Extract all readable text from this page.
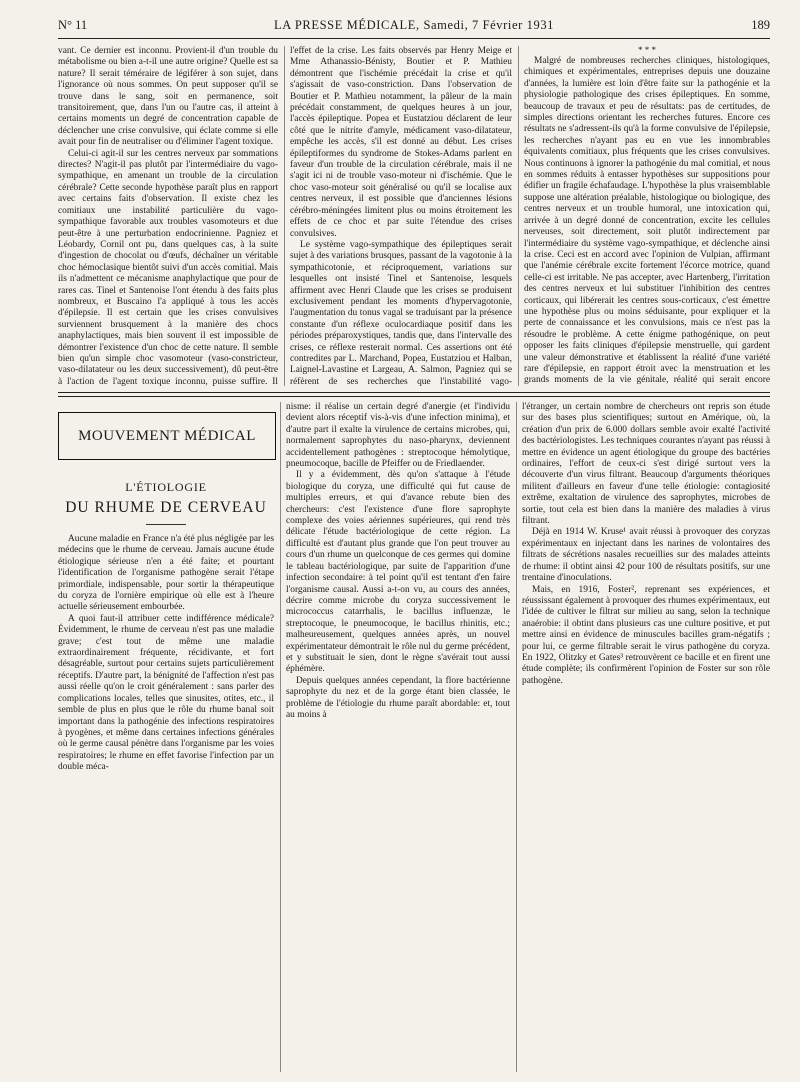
N° 11	LA PRESSE MÉDICALE, Samedi, 7 Février 1931	189

vant. Ce dernier est inconnu. Provient-il d'un trouble du métabolisme ou bien a-t-il une autre origine? Quelle est sa nature? Il serait téméraire de légiférer à son sujet, dans l'ignorance où nous sommes. On peut supposer qu'il se trouve dans le sang, soit en permanence, soit transitoirement, que, dans l'un ou l'autre cas, il atteint à certains moments un degré de concentration capable de déclencher une crise convulsive, qui éclate comme si elle avait pour fin de neutraliser ou d'éliminer l'agent toxique.

Celui-ci agit-il sur les centres nerveux par sommations directes? N'agit-il pas plutôt par l'intermédiaire du vago-sympathique, en amenant un trouble de la circulation cérébrale? Cette seconde hypothèse paraît plus en rapport avec certains faits d'observation. Il existe chez les comitiaux une instabilité particulière du vago-sympathique favorable aux troubles vasomoteurs et due peut-être à une perturbation endocrinienne. Pagniez et Léobardy, Cornil ont pu, dans quelques cas, à la suite d'ingestion de chocolat ou d'œufs, déchaîner un véritable choc hémoclasique bientôt suivi d'un accès comitial. Mais ils n'admettent ce mécanisme anaphylactique que pour de rares cas. Tinel et Santenoise l'ont étendu à des faits plus nombreux, et Buscaino l'a appliqué à tous les accès d'épilepsie. Il est certain que les crises convulsives surviennent brusquement à la manière des chocs anaphylactiques, mais bien souvent il est impossible de démontrer l'existence d'un choc de cette nature. Il semble bien qu'un simple choc vasomoteur (vaso-constricteur, vaso-dilatateur ou les deux successivement), dû peut-être à l'action de l'agent toxique inconnu, puisse suffire. Il

l'effet de la crise. Les faits observés par Henry Meige et Mme Athanassio-Bénisty, Boutier et P. Mathieu démontrent que l'ischémie précédait la crise et qu'il s'agissait de vaso-constriction. Dans l'observation de Boutier et P. Mathieu notamment, la pâleur de la main précédait constamment, de quelques heures à un jour, l'accès épileptique. Popea et Eustatziou déclarent de leur côté que le nitrite d'amyle, médicament vaso-dilatateur, empêche les accès, s'il est donné au début. Les crises épileptiformes du syndrome de Stokes-Adams parlent en faveur d'un trouble de la circulation cérébrale, mais il ne s'agit ici ni de trouble vaso-moteur ni d'ischémie. Que le choc vaso-moteur soit généralisé ou qu'il se localise aux centres nerveux, il est possible que d'anciennes lésions cérébro-méningées limitent plus ou moins étroitement les effets de ce choc et par suite l'étendue des crises convulsives.

Le système vago-sympathique des épileptiques serait sujet à des variations brusques, passant de la vagotonie à la sympathicotonie, et réciproquement, variations sur lesquelles ont insisté Tinel et Santenoise, lesquels affirment avec Henri Claude que les crises se produisent exclusivement pendant les moments d'hypervagotonie, l'augmentation du tonus vagal se traduisant par la présence constante d'un réflexe oculocardiaque positif dans les périodes préparoxystiques, tandis que, dans l'intervalle des crises, ce réflexe resterait normal. Ces assertions ont été contredites par L. Marchand, Popea, Eustatziou et Halban, Laignel-Lavastine et Largeau, A. Salmon, Pagniez qui se réfèrent de ses recherches que l'instabilité vago-

* * *

Malgré de nombreuses recherches cliniques, histologiques, chimiques et expérimentales, entreprises depuis une douzaine d'années, la lumière est loin d'être faite sur la pathogénie et la physiologie pathologique des crises épileptiques. En somme, beaucoup de travaux et peu de résultats: pas de certitudes, de simples directions orientant les recherches futures. Encore ces résultats ne s'adressent-ils qu'à la forme convulsive de l'épilepsie, les recherches n'ayant pas eu en vue les innombrables équivalents comitiaux, plus fréquents que les crises convulsives. Nous continuons à ignorer la pathogénie du mal comitial, et nous en sommes réduits à entasser hypothèses sur suppositions pour édifier un fragile échafaudage. L'hypothèse la plus vraisemblable suppose une altération préalable, histologique ou biologique, des centres nerveux et un trouble humoral, une intoxication qui, arrivée à un degré donné de concentration, excite les cellules nerveuses, soit directement, soit plutôt indirectement par l'intermédiaire du système vago-sympathique, et déclenche ainsi la crise. Ceci est en accord avec l'opinion de Vulpian, affirmant que l'anémie cérébrale excite fortement l'écorce motrice, quand celle-ci est irritable. Ne pas accepter, avec Hartenberg, l'irritation des centres nerveux et lui substituer l'inhibition des centres corticaux, qui libérerait les centres sous-corticaux, c'est émettre une hypothèse plus ou moins séduisante, pour expliquer et la perte de connaissance et les convulsions, mais ce n'est pas la résoudre le problème. A cette énigme pathogénique, on peut opposer les faits cliniques d'épilepsie menstruelle, qui gardent une valeur démonstrative et établissent la réalité d'une variété rare d'épilepsie, en rapport étroit avec la menstruation et les grands moments de la vie génitale, réalité qui serait encore

MOUVEMENT MÉDICAL
L'ÉTIOLOGIE
DU RHUME DE CERVEAU

Aucune maladie en France n'a été plus négligée par les médecins que le rhume de cerveau. Jamais aucune étude étiologique sérieuse n'en a été faite; et pourtant l'identification de l'organisme pathogène serait l'étape primordiale, indispensable, pour sortir la thérapeutique du coryza de l'ornière empirique où elle est à l'heure actuelle sérieusement embourbée.

A quoi faut-il attribuer cette indifférence médicale? Évidemment, le rhume de cerveau n'est pas une maladie grave; c'est tout de même une maladie extraordinairement fréquente, récidivante, et fort désagréable, surtout pour certains sujets particulièrement réceptifs. D'autre part, la bénignité de l'affection n'est pas aussi réelle qu'on le croit généralement : sans parler des complications locales, telles que sinusites, otites, etc., il semble de plus en plus que le rôle du rhume banal soit important dans la pathogénie des infections respiratoires à pyogènes, et même dans certaines infections générales où le germe causal pénètre dans l'organisme par les voies respiratoires; le rhume en effet favorise l'infection par un double méca-

nisme: il réalise un certain degré d'anergie (et l'individu devient alors réceptif vis-à-vis d'une infection minima), et d'autre part il exalte la virulence de certains microbes, qui, normalement saprophytes du naso-pharynx, deviennent accidentellement pathogènes : streptocoque hémolytique, pneumocoque, bacille de Pfeiffer ou de Friedlaender.

Il y a évidemment, dès qu'on s'attaque à l'étude biologique du coryza, une difficulté qui fut cause de multiples erreurs, et qui d'avance rebute bien des chercheurs: c'est l'existence d'une flore saprophyte complexe des voies aériennes supérieures, qui rend très délicate l'étude bactériologique de cette région. La difficulté est d'autant plus grande que l'on peut trouver au cours d'un rhume un quelconque de ces germes qui domine le tableau bactériologique, par suite de l'apparition d'une infection secondaire: à tel point qu'il est tentant d'en faire l'organisme causal. Aussi a-t-on vu, au cours des années, décrire comme microbe du coryza successivement le micrococcus catarrhalis, le bacillus influenzæ, le streptocoque, le pneumocoque, le bacillus rhinitis, etc.; malheureusement, quelques années après, un nouvel expérimentateur démontrait le rôle nul du germe précédent, et y substituait le sien, dont le règne s'avérait tout aussi éphémère.

Depuis quelques années cependant, la flore bactérienne saprophyte du nez et de la gorge étant bien classée, le problème de l'étiologie du rhume paraît abordable: et, tout au moins à

l'étranger, un certain nombre de chercheurs ont repris son étude sur des bases plus scientifiques; surtout en Amérique, où, la création d'un prix de 6.000 dollars semble avoir exalté l'activité des bactériologistes. Les techniques courantes n'ayant pas réussi à mettre en évidence un agent étiologique du groupe des bactéries ordinaires, l'effort de ceux-ci s'est dirigé surtout vers la découverte d'un virus filtrant. Beaucoup d'arguments théoriques militent d'ailleurs en faveur d'une telle étiologie: contagiosité extrême, exaltation de virulence des saprophytes, microbes de sortie, tout cela est bien dans la manière des maladies à virus filtrant.

Déjà en 1914 W. Kruse¹ avait réussi à provoquer des coryzas expérimentaux en injectant dans les narines de volontaires des filtrats de sécrétions nasales recueillies sur des malades atteints de rhume: il obtint ainsi 42 pour 100 de résultats positifs, sur une trentaine d'inoculations.

Mais, en 1916, Foster², reprenant ses expériences, et réussissant également à provoquer des rhumes expérimentaux, eut l'idée de cultiver le filtrat sur milieu au sang, selon la technique anaérobie: il obtint dans plusieurs cas une culture positive, et put mettre ainsi en évidence de minuscules bacilles gram-négatifs ; pour lui, ce germe filtrable serait le virus pathogène du coryza. En 1922, Olitzky et Gates³ retrouvèrent ce bacille et en firent une étude complète; ils confirmèrent l'opinion de Foster sur son rôle pathogène.
